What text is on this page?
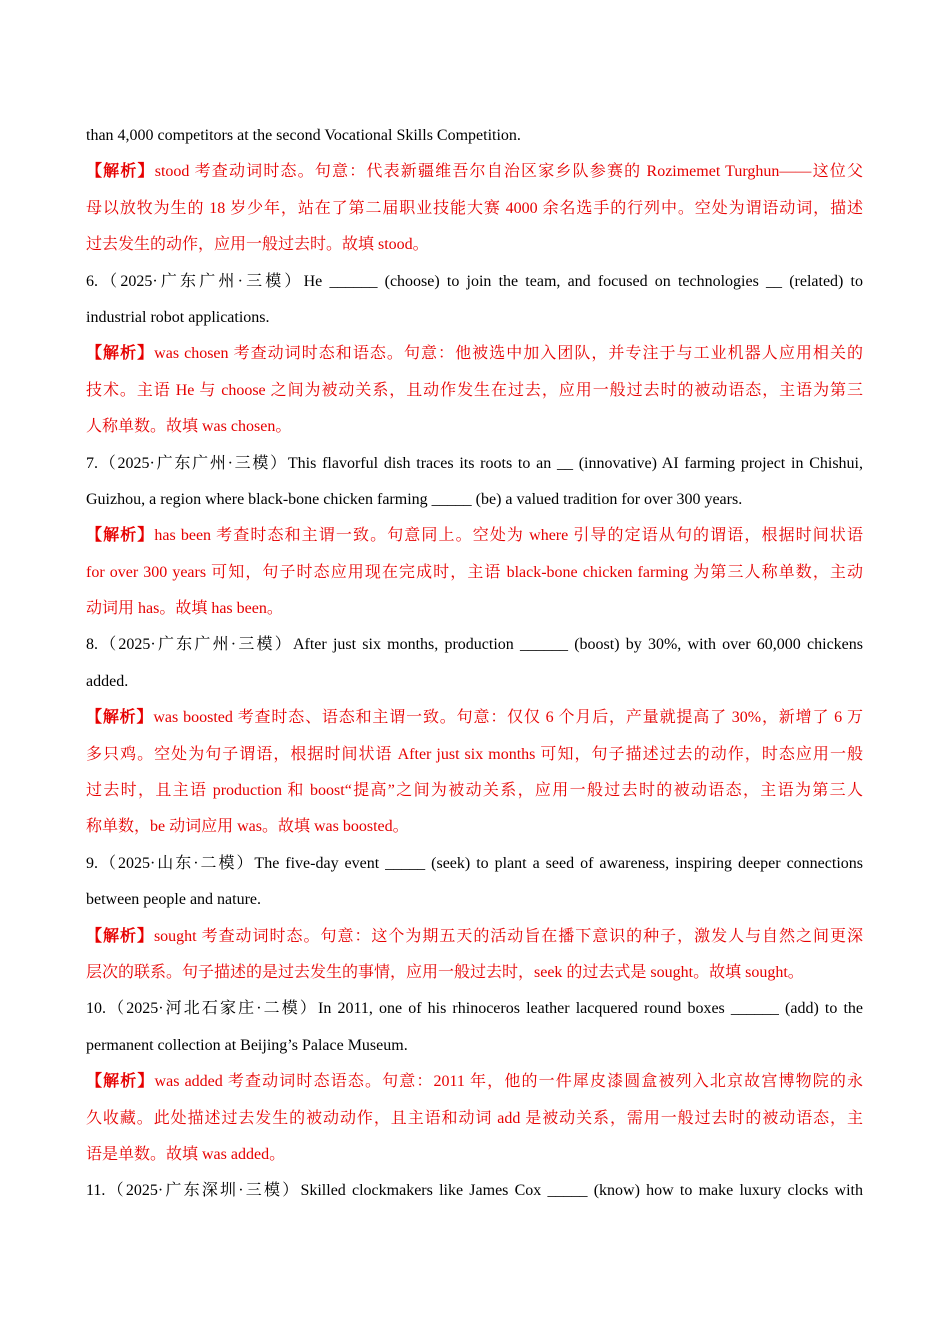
than 4,000 competitors at the second Vocational Skills Competition.
【解析】stood 考查动词时态。句意：代表新疆维吾尔自治区家乡队参赛的 Rozimemet Turghun——这位父
母以放牧为生的 18 岁少年，站在了第二届职业技能大赛 4000 余名选手的行列中。空处为谓语动词，描述
过去发生的动作，应用一般过去时。故填 stood。
6.（2025·广东广州·三模）He ______ (choose) to join the team, and focused on technologies __ (related) to
industrial robot applications.
【解析】was chosen 考查动词时态和语态。句意：他被选中加入团队，并专注于与工业机器人应用相关的
技术。主语 He 与 choose 之间为被动关系，且动作发生在过去，应用一般过去时的被动语态，主语为第三
人称单数。故填 was chosen。
7.（2025·广东广州·三模）This flavorful dish traces its roots to an __ (innovative) AI farming project in Chishui,
Guizhou, a region where black-bone chicken farming _____ (be) a valued tradition for over 300 years.
【解析】has been 考查时态和主谓一致。句意同上。空处为 where 引导的定语从句的谓语，根据时间状语
for over 300 years 可知，句子时态应用现在完成时，主语 black-bone chicken farming 为第三人称单数，主动
动词用 has。故填 has been。
8.（2025·广东广州·三模）After just six months, production ______ (boost) by 30%, with over 60,000 chickens
added.
【解析】was boosted 考查时态、语态和主谓一致。句意：仅仅 6 个月后，产量就提高了 30%，新增了 6 万
多只鸡。空处为句子谓语，根据时间状语 After just six months 可知，句子描述过去的动作，时态应用一般
过去时，且主语 production 和 boost“提高”之间为被动关系，应用一般过去时的被动语态，主语为第三人
称单数，be 动词应用 was。故填 was boosted。
9.（2025·山东·二模）The five-day event _____ (seek) to plant a seed of awareness, inspiring deeper connections
between people and nature.
【解析】sought 考查动词时态。句意：这个为期五天的活动旨在播下意识的种子，激发人与自然之间更深
层次的联系。句子描述的是过去发生的事情，应用一般过去时，seek 的过去式是 sought。故填 sought。
10.（2025·河北石家庄·二模）In 2011, one of his rhinoceros leather lacquered round boxes ______ (add) to the
permanent collection at Beijing’s Palace Museum.
【解析】was added 考查动词时态语态。句意：2011 年，他的一件犀皮漆圆盒被列入北京故宫博物院的永
久收藏。此处描述过去发生的被动动作，且主语和动词 add 是被动关系，需用一般过去时的被动语态，主
语是单数。故填 was added。
11.（2025·广东深圳·三模）Skilled clockmakers like James Cox _____ (know) how to make luxury clocks with
